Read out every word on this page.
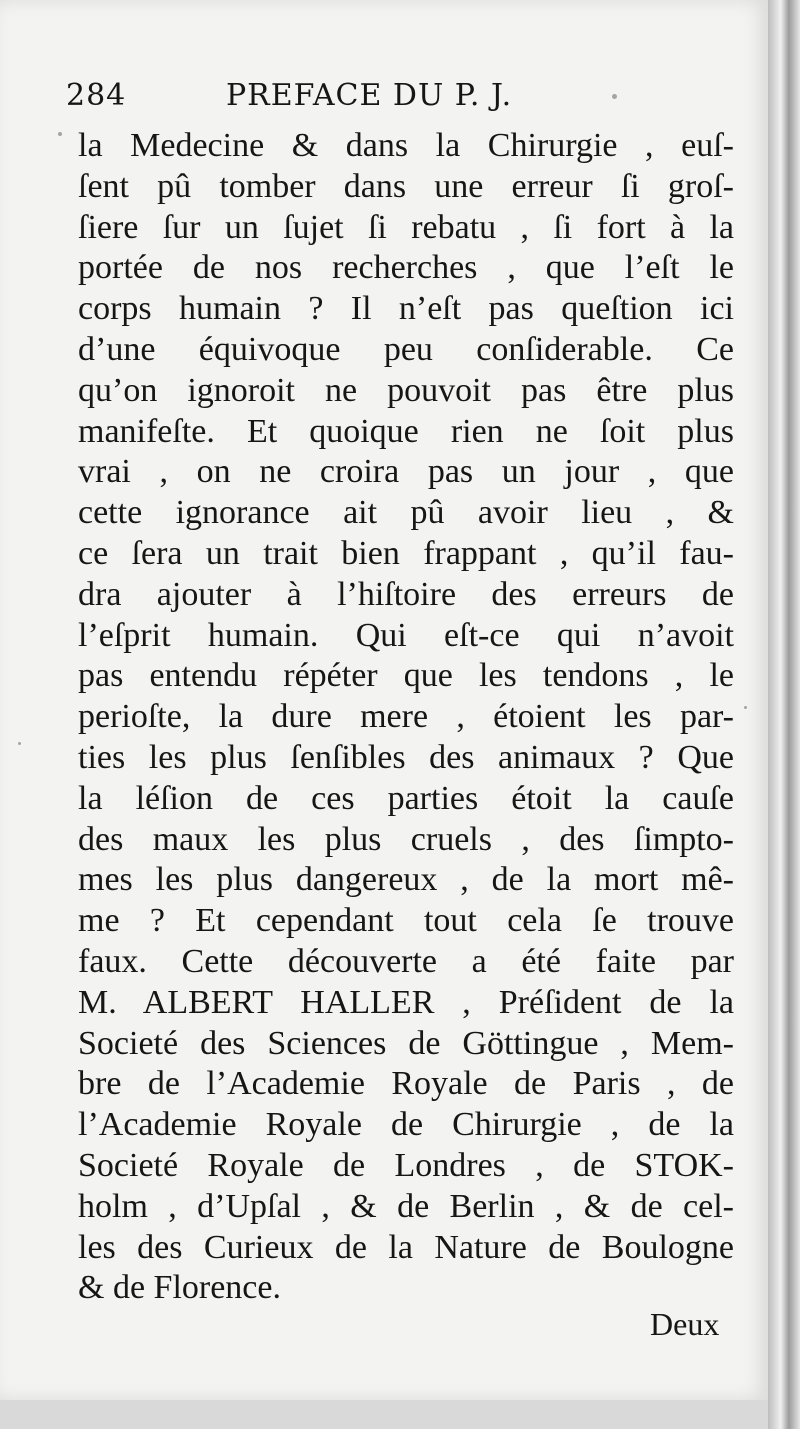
284	PREFACE DU P. J.
la Medecine & dans la Chirurgie , euſ-
ſent pû tomber dans une erreur ſi groſ-
ſiere ſur un ſujet ſi rebatu , ſi fort à la
portée de nos recherches , que l’eſt le
corps humain ? Il n’eſt pas queſtion ici
d’une équivoque peu conſiderable. Ce
qu’on ignoroit ne pouvoit pas être plus
manifeſte. Et quoique rien ne ſoit plus
vrai , on ne croira pas un jour , que
cette ignorance ait pû avoir lieu , &
ce ſera un trait bien frappant , qu’il fau-
dra ajouter à l’hiſtoire des erreurs de
l’eſprit humain. Qui eſt-ce qui n’avoit
pas entendu répéter que les tendons , le
perioſte, la dure mere , étoient les par-
ties les plus ſenſibles des animaux ? Que
la léſion de ces parties étoit la cauſe
des maux les plus cruels , des ſimpto-
mes les plus dangereux , de la mort mê-
me ? Et cependant tout cela ſe trouve
faux. Cette découverte a été faite par
M. ALBERT HALLER , Préſident de la
Societé des Sciences de Göttingue , Mem-
bre de l’Academie Royale de Paris , de
l’Academie Royale de Chirurgie , de la
Societé Royale de Londres , de STOK-
holm , d’Upſal , & de Berlin , & de cel-
les des Curieux de la Nature de Boulogne
& de Florence.
Deux
